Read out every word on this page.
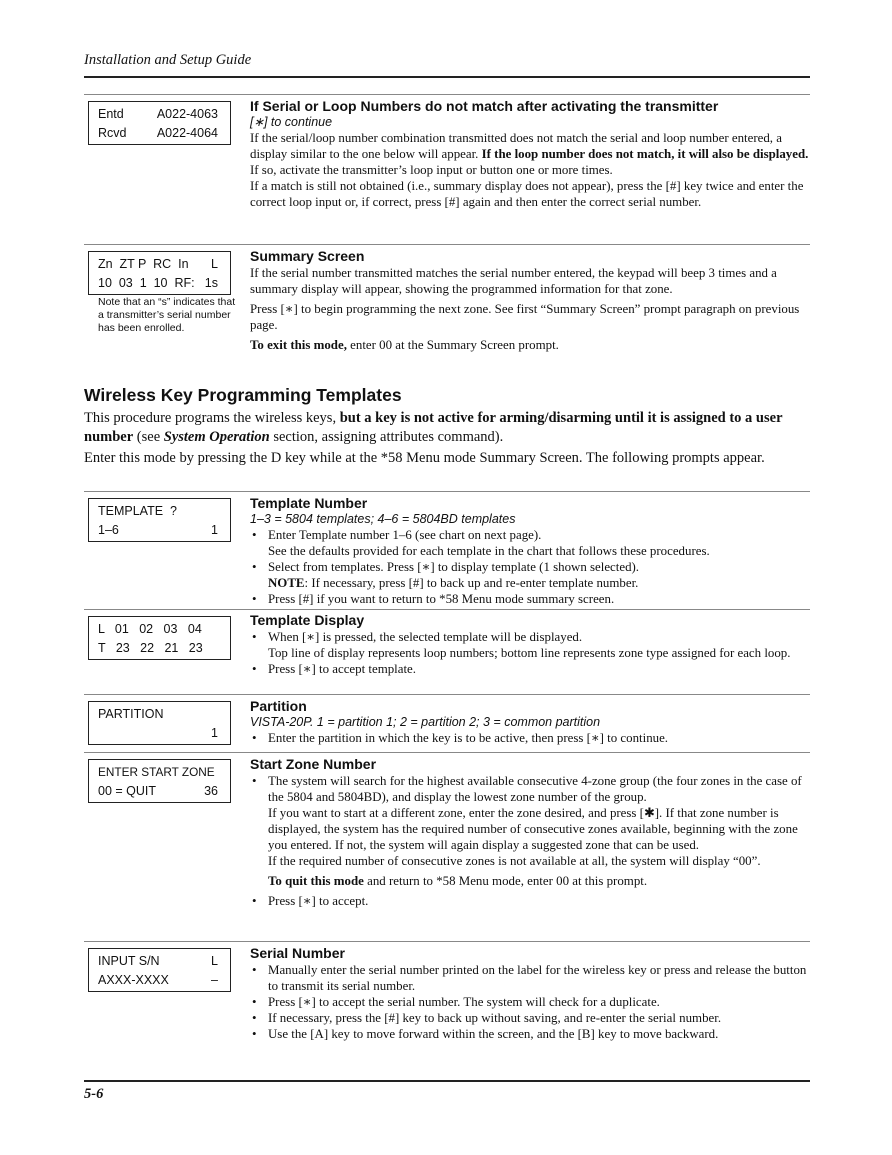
Installation and Setup Guide
Entd	A022-4063
Rcvd A022-4064
If Serial or Loop Numbers do not match after activating the transmitter
[∗] to continue

If the serial/loop number combination transmitted does not match the serial and loop number entered, a display similar to the one below will appear. If the loop number does not match, it will also be displayed. If so, activate the transmitter’s loop input or button one or more times.

If a match is still not obtained (i.e., summary display does not appear), press the [#] key twice and enter the correct loop input or, if correct, press [#] again and then enter the correct serial number.

Zn  ZT P  RC  In L
10  03  1  10  RF: 1s
Note that an “s” indicates that a transmitter’s serial number has been enrolled.
Summary Screen

If the serial number transmitted matches the serial number entered, the keypad will beep 3 times and a summary display will appear, showing the programmed information for that zone.

Press [∗] to begin programming the next zone. See first “Summary Screen” prompt paragraph on previous page.

To exit this mode, enter 00 at the Summary Screen prompt.

Wireless Key Programming Templates
This procedure programs the wireless keys, but a key is not active for arming/disarming until it is assigned to a user number (see System Operation section, assigning attributes command).
Enter this mode by pressing the D key while at the *58 Menu mode Summary Screen. The following prompts appear.
TEMPLATE  ?
1–6	1
Template Number
1–3 = 5804 templates; 4–6 = 5804BD templates
• Enter Template number 1–6 (see chart on next page).
See the defaults provided for each template in the chart that follows these procedures.
• Select from templates. Press [∗] to display template (1 shown selected).
NOTE: If necessary, press [#] to back up and re-enter template number.
• Press [#] if you want to return to *58 Menu mode summary screen.
L   01   02   03   04
T   23   22   21   23
Template Display
• When [∗] is pressed, the selected template will be displayed.
Top line of display represents loop numbers; bottom line represents zone type assigned for each loop.
• Press [∗] to accept template.
PARTITION
1
Partition
VISTA-20P. 1 = partition 1; 2 = partition 2; 3 = common partition
• Enter the partition in which the key is to be active, then press [∗] to continue.
ENTER START ZONE
00 = QUIT	36
Start Zone Number
• The system will search for the highest available consecutive 4-zone group (the four zones in the case of the 5804 and 5804BD), and display the lowest zone number of the group.
If you want to start at a different zone, enter the zone desired, and press [✱]. If that zone number is displayed, the system has the required number of consecutive zones available, beginning with the zone you entered. If not, the system will again display a suggested zone that can be used.
If the required number of consecutive zones is not available at all, the system will display “00”.

To quit this mode and return to *58 Menu mode, enter 00 at this prompt.

• Press [∗] to accept.
INPUT S/N	L
AXXX-XXXX	–
Serial Number
• Manually enter the serial number printed on the label for the wireless key or press and release the button to transmit its serial number.
• Press [∗] to accept the serial number. The system will check for a duplicate.
• If necessary, press the [#] key to back up without saving, and re-enter the serial number.
• Use the [A] key to move forward within the screen, and the [B] key to move backward.
5-6
